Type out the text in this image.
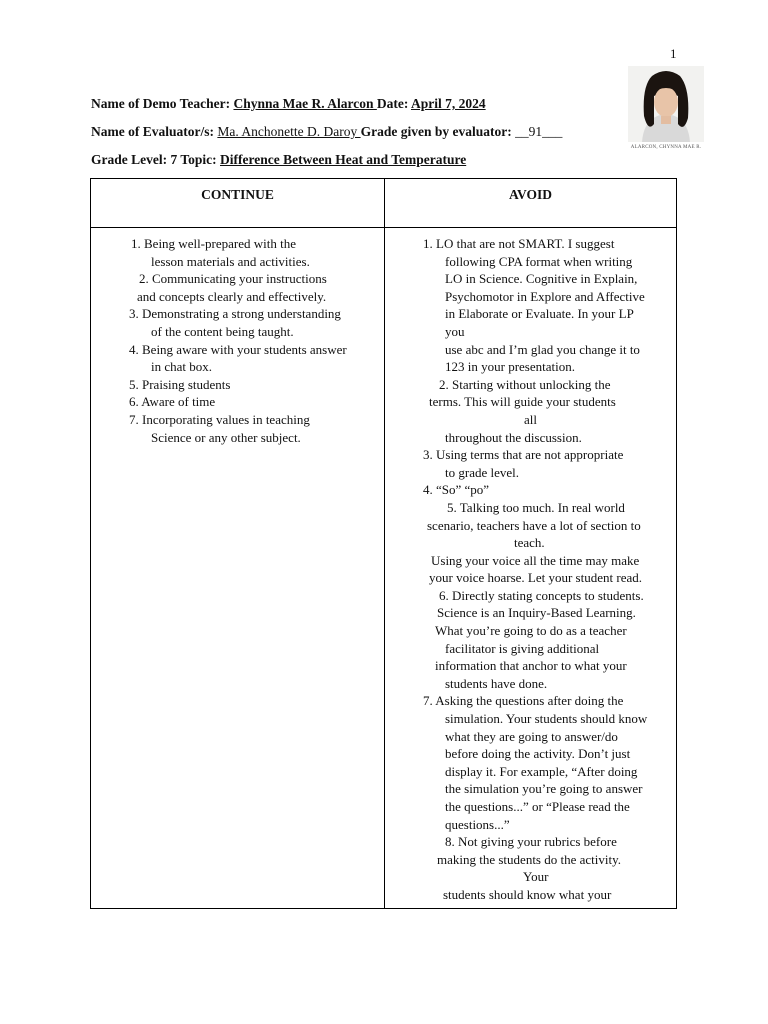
1
Name of Demo Teacher: Chynna Mae R. Alarcon Date: April 7, 2024
Name of Evaluator/s: Ma. Anchonette D. Daroy Grade given by evaluator: __91___
Grade Level: 7 Topic: Difference Between Heat and Temperature
ALARCON, CHYNNA MAE R.
CONTINUE	AVOID
1. Being well-prepared with the
lesson materials and activities.
2. Communicating your instructions
and concepts clearly and effectively.
3. Demonstrating a strong understanding
of the content being taught.
4. Being aware with your students answer
in chat box.
5. Praising students
6. Aware of time
7. Incorporating values in teaching
Science or any other subject.
1. LO that are not SMART. I suggest
following CPA format when writing
LO in Science. Cognitive in Explain,
Psychomotor in Explore and Affective
in Elaborate or Evaluate. In your LP
you
use abc and I’m glad you change it to
123 in your presentation.
2. Starting without unlocking the
terms. This will guide your students
all
throughout the discussion.
3. Using terms that are not appropriate
to grade level.
4. “So” “po”
5. Talking too much. In real world
scenario, teachers have a lot of section to
teach.
Using your voice all the time may make
your voice hoarse. Let your student read.
6. Directly stating concepts to students.
Science is an Inquiry-Based Learning.
What you’re going to do as a teacher
facilitator is giving additional
information that anchor to what your
students have done.
7. Asking the questions after doing the
simulation. Your students should know
what they are going to answer/do
before doing the activity. Don’t just
display it. For example, “After doing
the simulation you’re going to answer
the questions...” or “Please read the
questions...”
8. Not giving your rubrics before
making the students do the activity.
Your
students should know what your
